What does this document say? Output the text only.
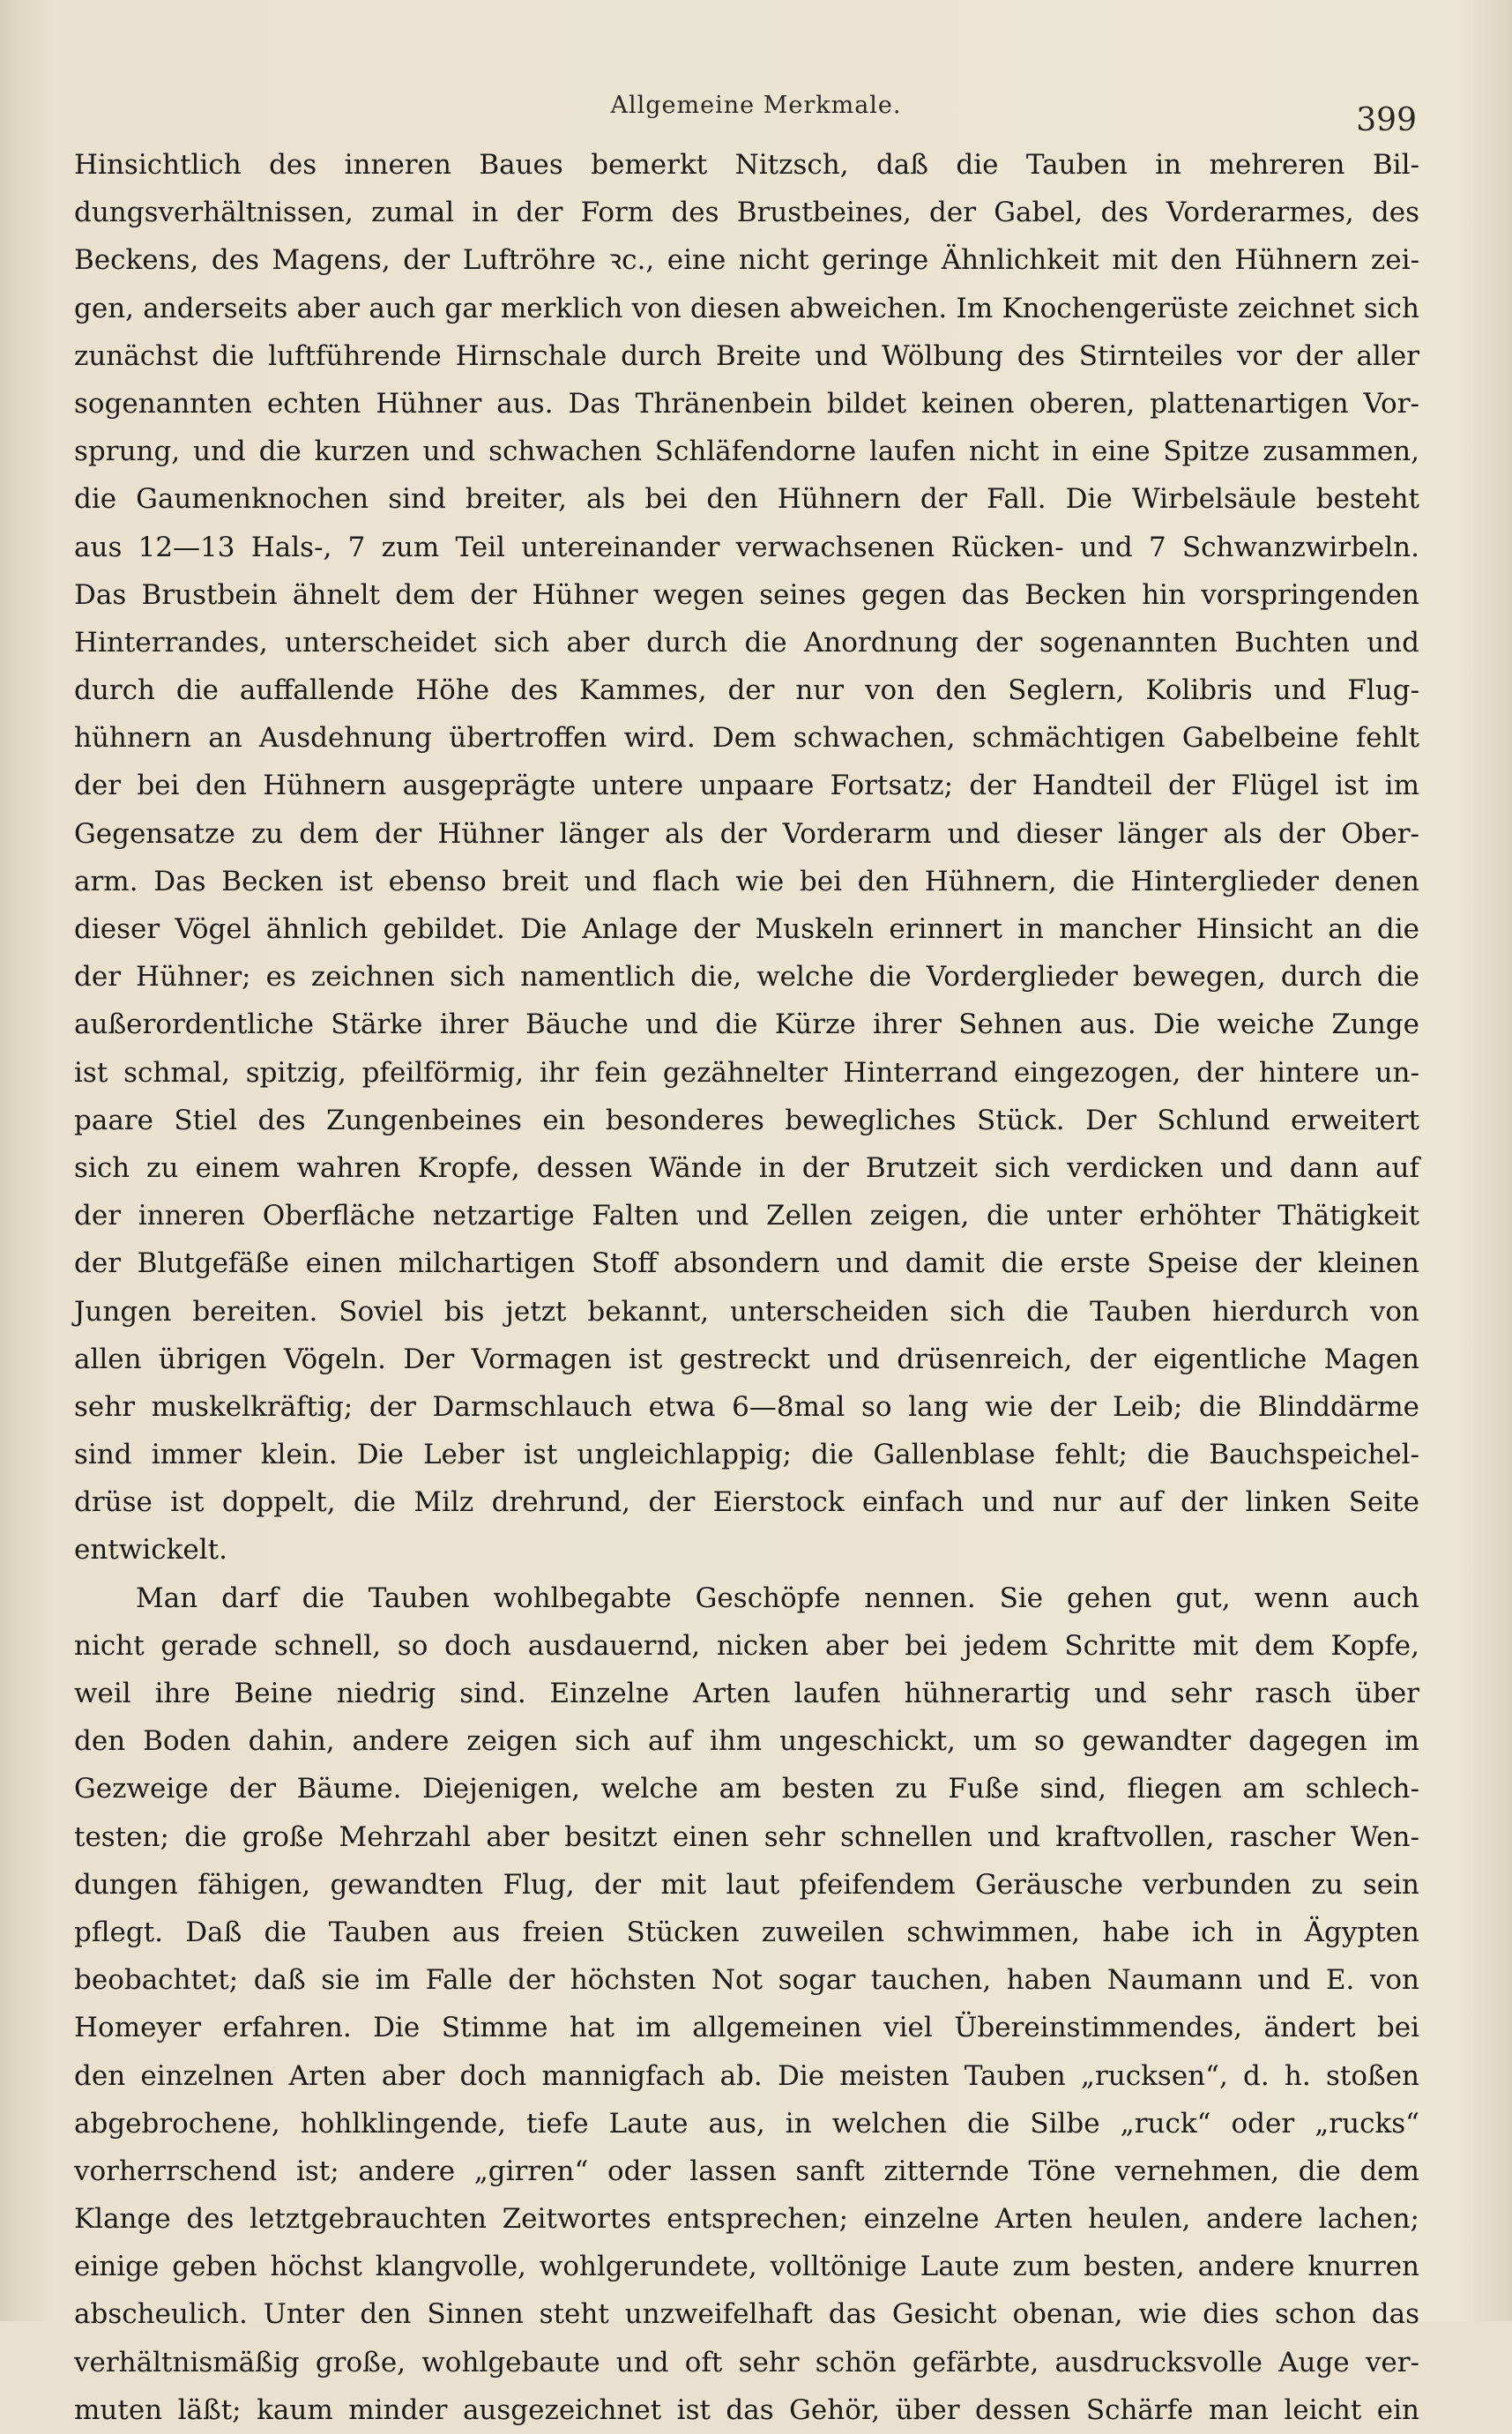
Allgemeine Merkmale.	399
Hinsichtlich des inneren Baues bemerkt Nitzsch, daß die Tauben in mehreren Bil-
dungsverhältnissen, zumal in der Form des Brustbeines, der Gabel, des Vorderarmes, des
Beckens, des Magens, der Luftröhre ꝛc., eine nicht geringe Ähnlichkeit mit den Hühnern zei-
gen, anderseits aber auch gar merklich von diesen abweichen. Im Knochengerüste zeichnet sich
zunächst die luftführende Hirnschale durch Breite und Wölbung des Stirnteiles vor der aller
sogenannten echten Hühner aus. Das Thränenbein bildet keinen oberen, plattenartigen Vor-
sprung, und die kurzen und schwachen Schläfendorne laufen nicht in eine Spitze zusammen,
die Gaumenknochen sind breiter, als bei den Hühnern der Fall. Die Wirbelsäule besteht
aus 12—13 Hals-, 7 zum Teil untereinander verwachsenen Rücken- und 7 Schwanzwirbeln.
Das Brustbein ähnelt dem der Hühner wegen seines gegen das Becken hin vorspringenden
Hinterrandes, unterscheidet sich aber durch die Anordnung der sogenannten Buchten und
durch die auffallende Höhe des Kammes, der nur von den Seglern, Kolibris und Flug-
hühnern an Ausdehnung übertroffen wird. Dem schwachen, schmächtigen Gabelbeine fehlt
der bei den Hühnern ausgeprägte untere unpaare Fortsatz; der Handteil der Flügel ist im
Gegensatze zu dem der Hühner länger als der Vorderarm und dieser länger als der Ober-
arm. Das Becken ist ebenso breit und flach wie bei den Hühnern, die Hinterglieder denen
dieser Vögel ähnlich gebildet. Die Anlage der Muskeln erinnert in mancher Hinsicht an die
der Hühner; es zeichnen sich namentlich die, welche die Vorderglieder bewegen, durch die
außerordentliche Stärke ihrer Bäuche und die Kürze ihrer Sehnen aus. Die weiche Zunge
ist schmal, spitzig, pfeilförmig, ihr fein gezähnelter Hinterrand eingezogen, der hintere un-
paare Stiel des Zungenbeines ein besonderes bewegliches Stück. Der Schlund erweitert
sich zu einem wahren Kropfe, dessen Wände in der Brutzeit sich verdicken und dann auf
der inneren Oberfläche netzartige Falten und Zellen zeigen, die unter erhöhter Thätigkeit
der Blutgefäße einen milchartigen Stoff absondern und damit die erste Speise der kleinen
Jungen bereiten. Soviel bis jetzt bekannt, unterscheiden sich die Tauben hierdurch von
allen übrigen Vögeln. Der Vormagen ist gestreckt und drüsenreich, der eigentliche Magen
sehr muskelkräftig; der Darmschlauch etwa 6—8mal so lang wie der Leib; die Blinddärme
sind immer klein. Die Leber ist ungleichlappig; die Gallenblase fehlt; die Bauchspeichel-
drüse ist doppelt, die Milz drehrund, der Eierstock einfach und nur auf der linken Seite
entwickelt.
Man darf die Tauben wohlbegabte Geschöpfe nennen. Sie gehen gut, wenn auch
nicht gerade schnell, so doch ausdauernd, nicken aber bei jedem Schritte mit dem Kopfe,
weil ihre Beine niedrig sind. Einzelne Arten laufen hühnerartig und sehr rasch über
den Boden dahin, andere zeigen sich auf ihm ungeschickt, um so gewandter dagegen im
Gezweige der Bäume. Diejenigen, welche am besten zu Fuße sind, fliegen am schlech-
testen; die große Mehrzahl aber besitzt einen sehr schnellen und kraftvollen, rascher Wen-
dungen fähigen, gewandten Flug, der mit laut pfeifendem Geräusche verbunden zu sein
pflegt. Daß die Tauben aus freien Stücken zuweilen schwimmen, habe ich in Ägypten
beobachtet; daß sie im Falle der höchsten Not sogar tauchen, haben Naumann und E. von
Homeyer erfahren. Die Stimme hat im allgemeinen viel Übereinstimmendes, ändert bei
den einzelnen Arten aber doch mannigfach ab. Die meisten Tauben „rucksen“, d. h. stoßen
abgebrochene, hohlklingende, tiefe Laute aus, in welchen die Silbe „ruck“ oder „rucks“
vorherrschend ist; andere „girren“ oder lassen sanft zitternde Töne vernehmen, die dem
Klange des letztgebrauchten Zeitwortes entsprechen; einzelne Arten heulen, andere lachen;
einige geben höchst klangvolle, wohlgerundete, volltönige Laute zum besten, andere knurren
abscheulich. Unter den Sinnen steht unzweifelhaft das Gesicht obenan, wie dies schon das
verhältnismäßig große, wohlgebaute und oft sehr schön gefärbte, ausdrucksvolle Auge ver-
muten läßt; kaum minder ausgezeichnet ist das Gehör, über dessen Schärfe man leicht ein
